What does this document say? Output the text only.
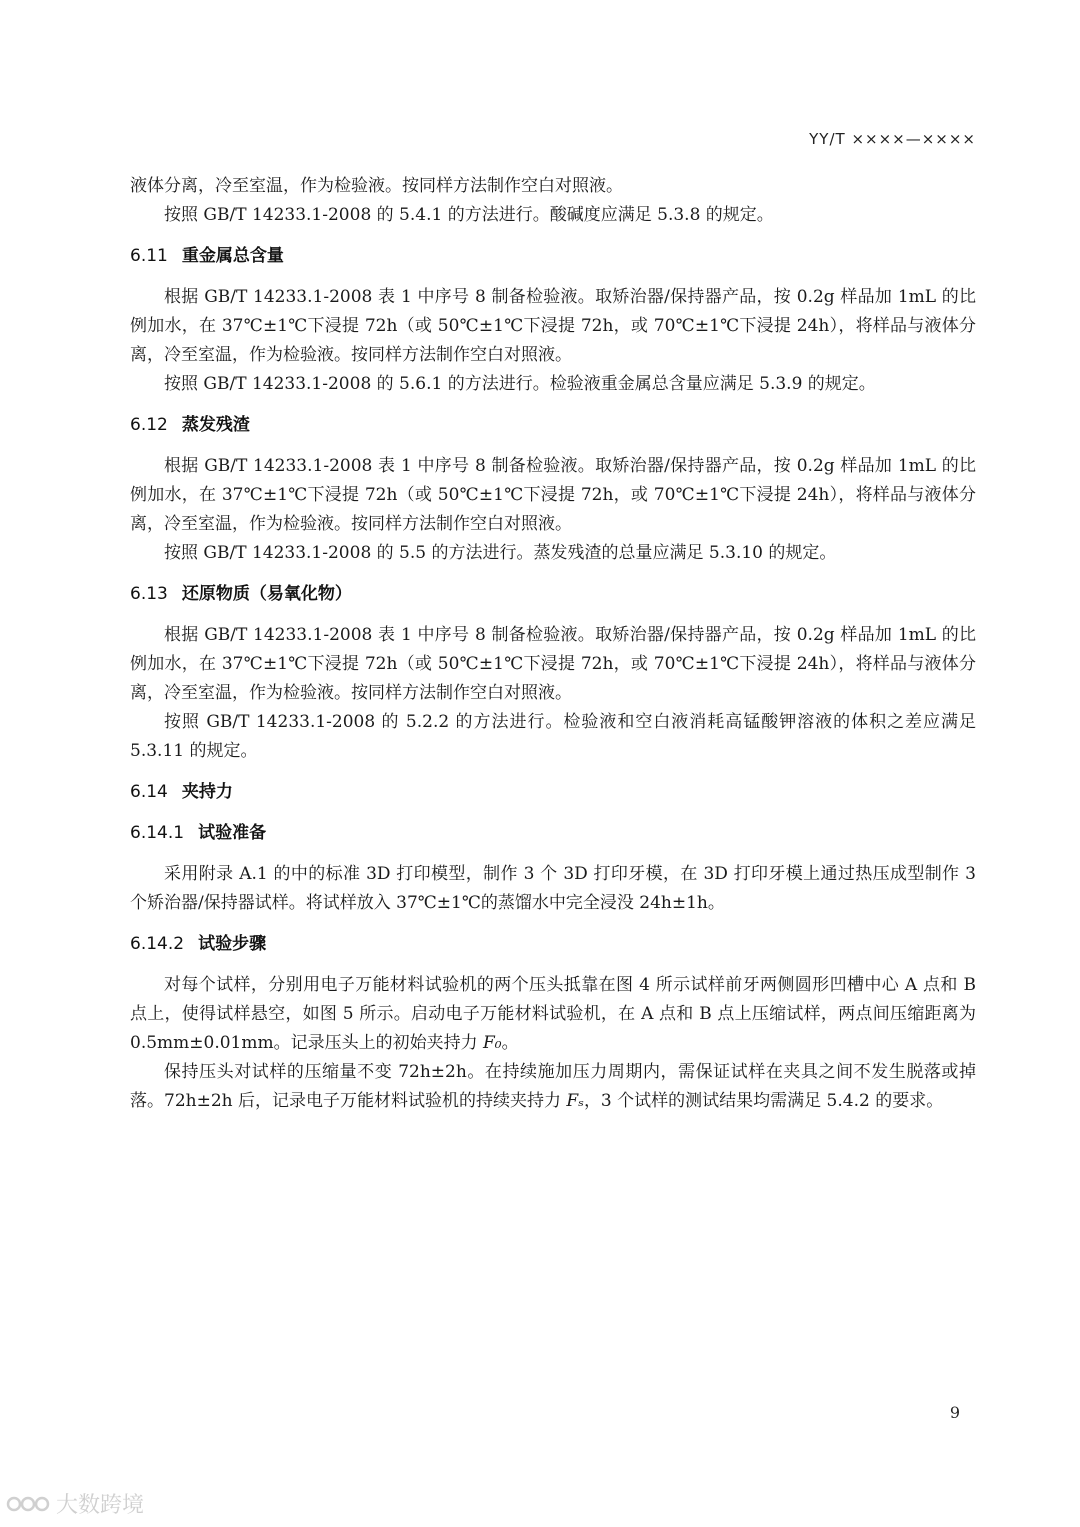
YY/T ××××—××××

液体分离，冷至室温，作为检验液。按同样方法制作空白对照液。

按照 GB/T 14233.1-2008 的 5.4.1 的方法进行。酸碱度应满足 5.3.8 的规定。

6.11 重金属总含量

根据 GB/T 14233.1-2008 表 1 中序号 8 制备检验液。取矫治器/保持器产品，按 0.2g 样品加 1mL 的比例加水，在 37℃±1℃下浸提 72h（或 50℃±1℃下浸提 72h，或 70℃±1℃下浸提 24h），将样品与液体分离，冷至室温，作为检验液。按同样方法制作空白对照液。

按照 GB/T 14233.1-2008 的 5.6.1 的方法进行。检验液重金属总含量应满足 5.3.9 的规定。

6.12 蒸发残渣

根据 GB/T 14233.1-2008 表 1 中序号 8 制备检验液。取矫治器/保持器产品，按 0.2g 样品加 1mL 的比例加水，在 37℃±1℃下浸提 72h（或 50℃±1℃下浸提 72h，或 70℃±1℃下浸提 24h），将样品与液体分离，冷至室温，作为检验液。按同样方法制作空白对照液。

按照 GB/T 14233.1-2008 的 5.5 的方法进行。蒸发残渣的总量应满足 5.3.10 的规定。

6.13 还原物质（易氧化物）

根据 GB/T 14233.1-2008 表 1 中序号 8 制备检验液。取矫治器/保持器产品，按 0.2g 样品加 1mL 的比例加水，在 37℃±1℃下浸提 72h（或 50℃±1℃下浸提 72h，或 70℃±1℃下浸提 24h），将样品与液体分离，冷至室温，作为检验液。按同样方法制作空白对照液。

按照 GB/T 14233.1-2008 的 5.2.2 的方法进行。检验液和空白液消耗高锰酸钾溶液的体积之差应满足 5.3.11 的规定。

6.14 夹持力
6.14.1 试验准备

采用附录 A.1 的中的标准 3D 打印模型，制作 3 个 3D 打印牙模，在 3D 打印牙模上通过热压成型制作 3 个矫治器/保持器试样。将试样放入 37℃±1℃的蒸馏水中完全浸没 24h±1h。

6.14.2 试验步骤

对每个试样，分别用电子万能材料试验机的两个压头抵靠在图 4 所示试样前牙两侧圆形凹槽中心 A 点和 B 点上，使得试样悬空，如图 5 所示。启动电子万能材料试验机，在 A 点和 B 点上压缩试样，两点间压缩距离为 0.5mm±0.01mm。记录压头上的初始夹持力 F₀。

保持压头对试样的压缩量不变 72h±2h。在持续施加压力周期内，需保证试样在夹具之间不发生脱落或掉落。72h±2h 后，记录电子万能材料试验机的持续夹持力 Fₛ，3 个试样的测试结果均需满足 5.4.2 的要求。

9
大数跨境
